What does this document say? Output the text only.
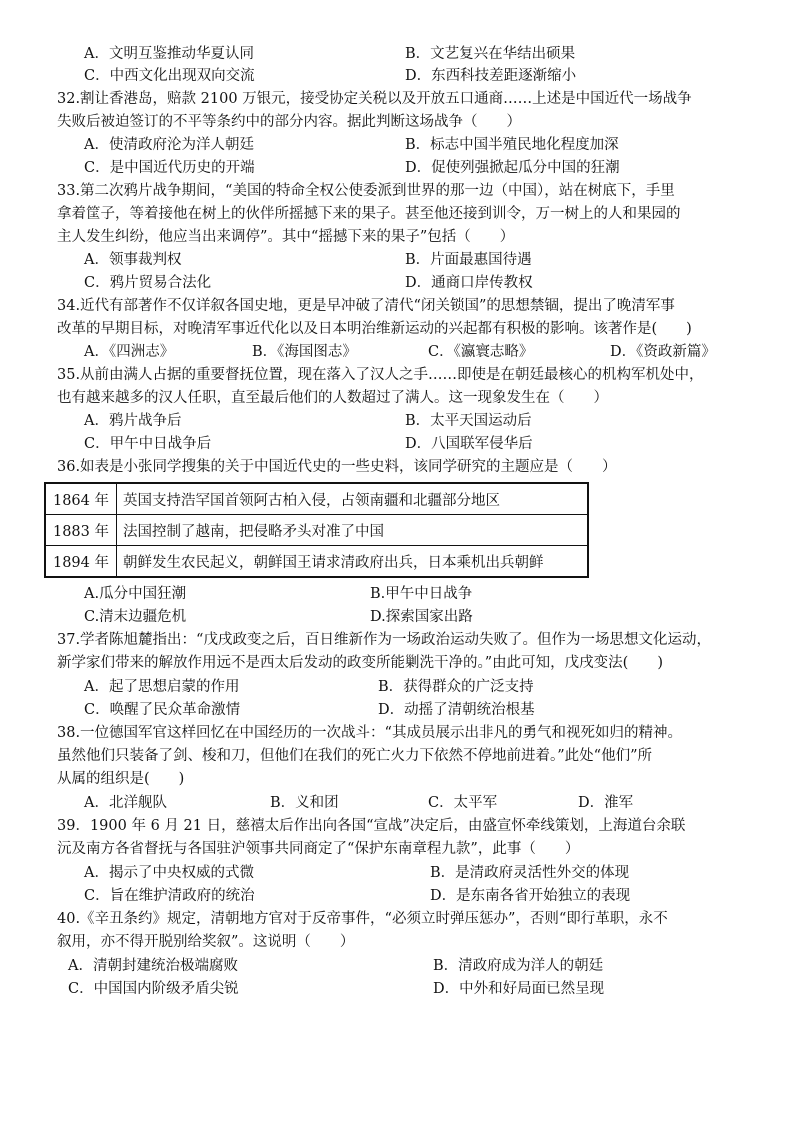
A．文明互鉴推动华夏认同	B．文艺复兴在华结出硕果
C．中西文化出现双向交流	D．东西科技差距逐渐缩小
32.割让香港岛，赔款 2100 万银元，接受协定关税以及开放五口通商……上述是中国近代一场战争
失败后被迫签订的不平等条约中的部分内容。据此判断这场战争（　　）
A．使清政府沦为洋人朝廷	B．标志中国半殖民地化程度加深
C．是中国近代历史的开端	D．促使列强掀起瓜分中国的狂潮
33.第二次鸦片战争期间，“美国的特命全权公使委派到世界的那一边（中国），站在树底下，手里
拿着筐子，等着接他在树上的伙伴所摇撼下来的果子。甚至他还接到训令，万一树上的人和果园的
主人发生纠纷，他应当出来调停”。其中“摇撼下来的果子”包括（　　）
A．领事裁判权	B．片面最惠国待遇
C．鸦片贸易合法化	D．通商口岸传教权
34.近代有部著作不仅详叙各国史地，更是早冲破了清代“闭关锁国”的思想禁锢，提出了晚清军事
改革的早期目标，对晚清军事近代化以及日本明治维新运动的兴起都有积极的影响。该著作是(　　)
A．《四洲志》	B．《海国图志》	C．《瀛寰志略》	D．《资政新篇》
35.从前由满人占据的重要督抚位置，现在落入了汉人之手……即使是在朝廷最核心的机构军机处中，
也有越来越多的汉人任职，直至最后他们的人数超过了满人。这一现象发生在（　　）
A．鸦片战争后	B．太平天国运动后
C．甲午中日战争后	D．八国联军侵华后
36.如表是小张同学搜集的关于中国近代史的一些史料，该同学研究的主题应是（　　）
1864 年	英国支持浩罕国首领阿古柏入侵，占领南疆和北疆部分地区
1883 年	法国控制了越南，把侵略矛头对准了中国
1894 年	朝鲜发生农民起义，朝鲜国王请求清政府出兵，日本乘机出兵朝鲜
A.瓜分中国狂潮	B.甲午中日战争
C.清末边疆危机	D.探索国家出路
37.学者陈旭麓指出：“戊戌政变之后，百日维新作为一场政治运动失败了。但作为一场思想文化运动，
新学家们带来的解放作用远不是西太后发动的政变所能剿洗干净的。”由此可知，戊戌变法(　　)
A．起了思想启蒙的作用	B．获得群众的广泛支持
C．唤醒了民众革命激情	D．动摇了清朝统治根基
38.一位德国军官这样回忆在中国经历的一次战斗：“其成员展示出非凡的勇气和视死如归的精神。
虽然他们只装备了剑、梭和刀，但他们在我们的死亡火力下依然不停地前进着。”此处“他们”所
从属的组织是(　　)
A．北洋舰队	B．义和团	C．太平军	D．淮军
39．1900 年 6 月 21 日，慈禧太后作出向各国“宣战”决定后，由盛宣怀牵线策划，上海道台余联
沅及南方各省督抚与各国驻沪领事共同商定了“保护东南章程九款”，此事（　　）
A．揭示了中央权威的式微	B．是清政府灵活性外交的体现
C．旨在维护清政府的统治	D．是东南各省开始独立的表现
40.《辛丑条约》规定，清朝地方官对于反帝事件，“必须立时弹压惩办”，否则“即行革职，永不
叙用，亦不得开脱别给奖叙”。这说明（　　）
A．清朝封建统治极端腐败	B．清政府成为洋人的朝廷
C．中国国内阶级矛盾尖锐	D．中外和好局面已然呈现
